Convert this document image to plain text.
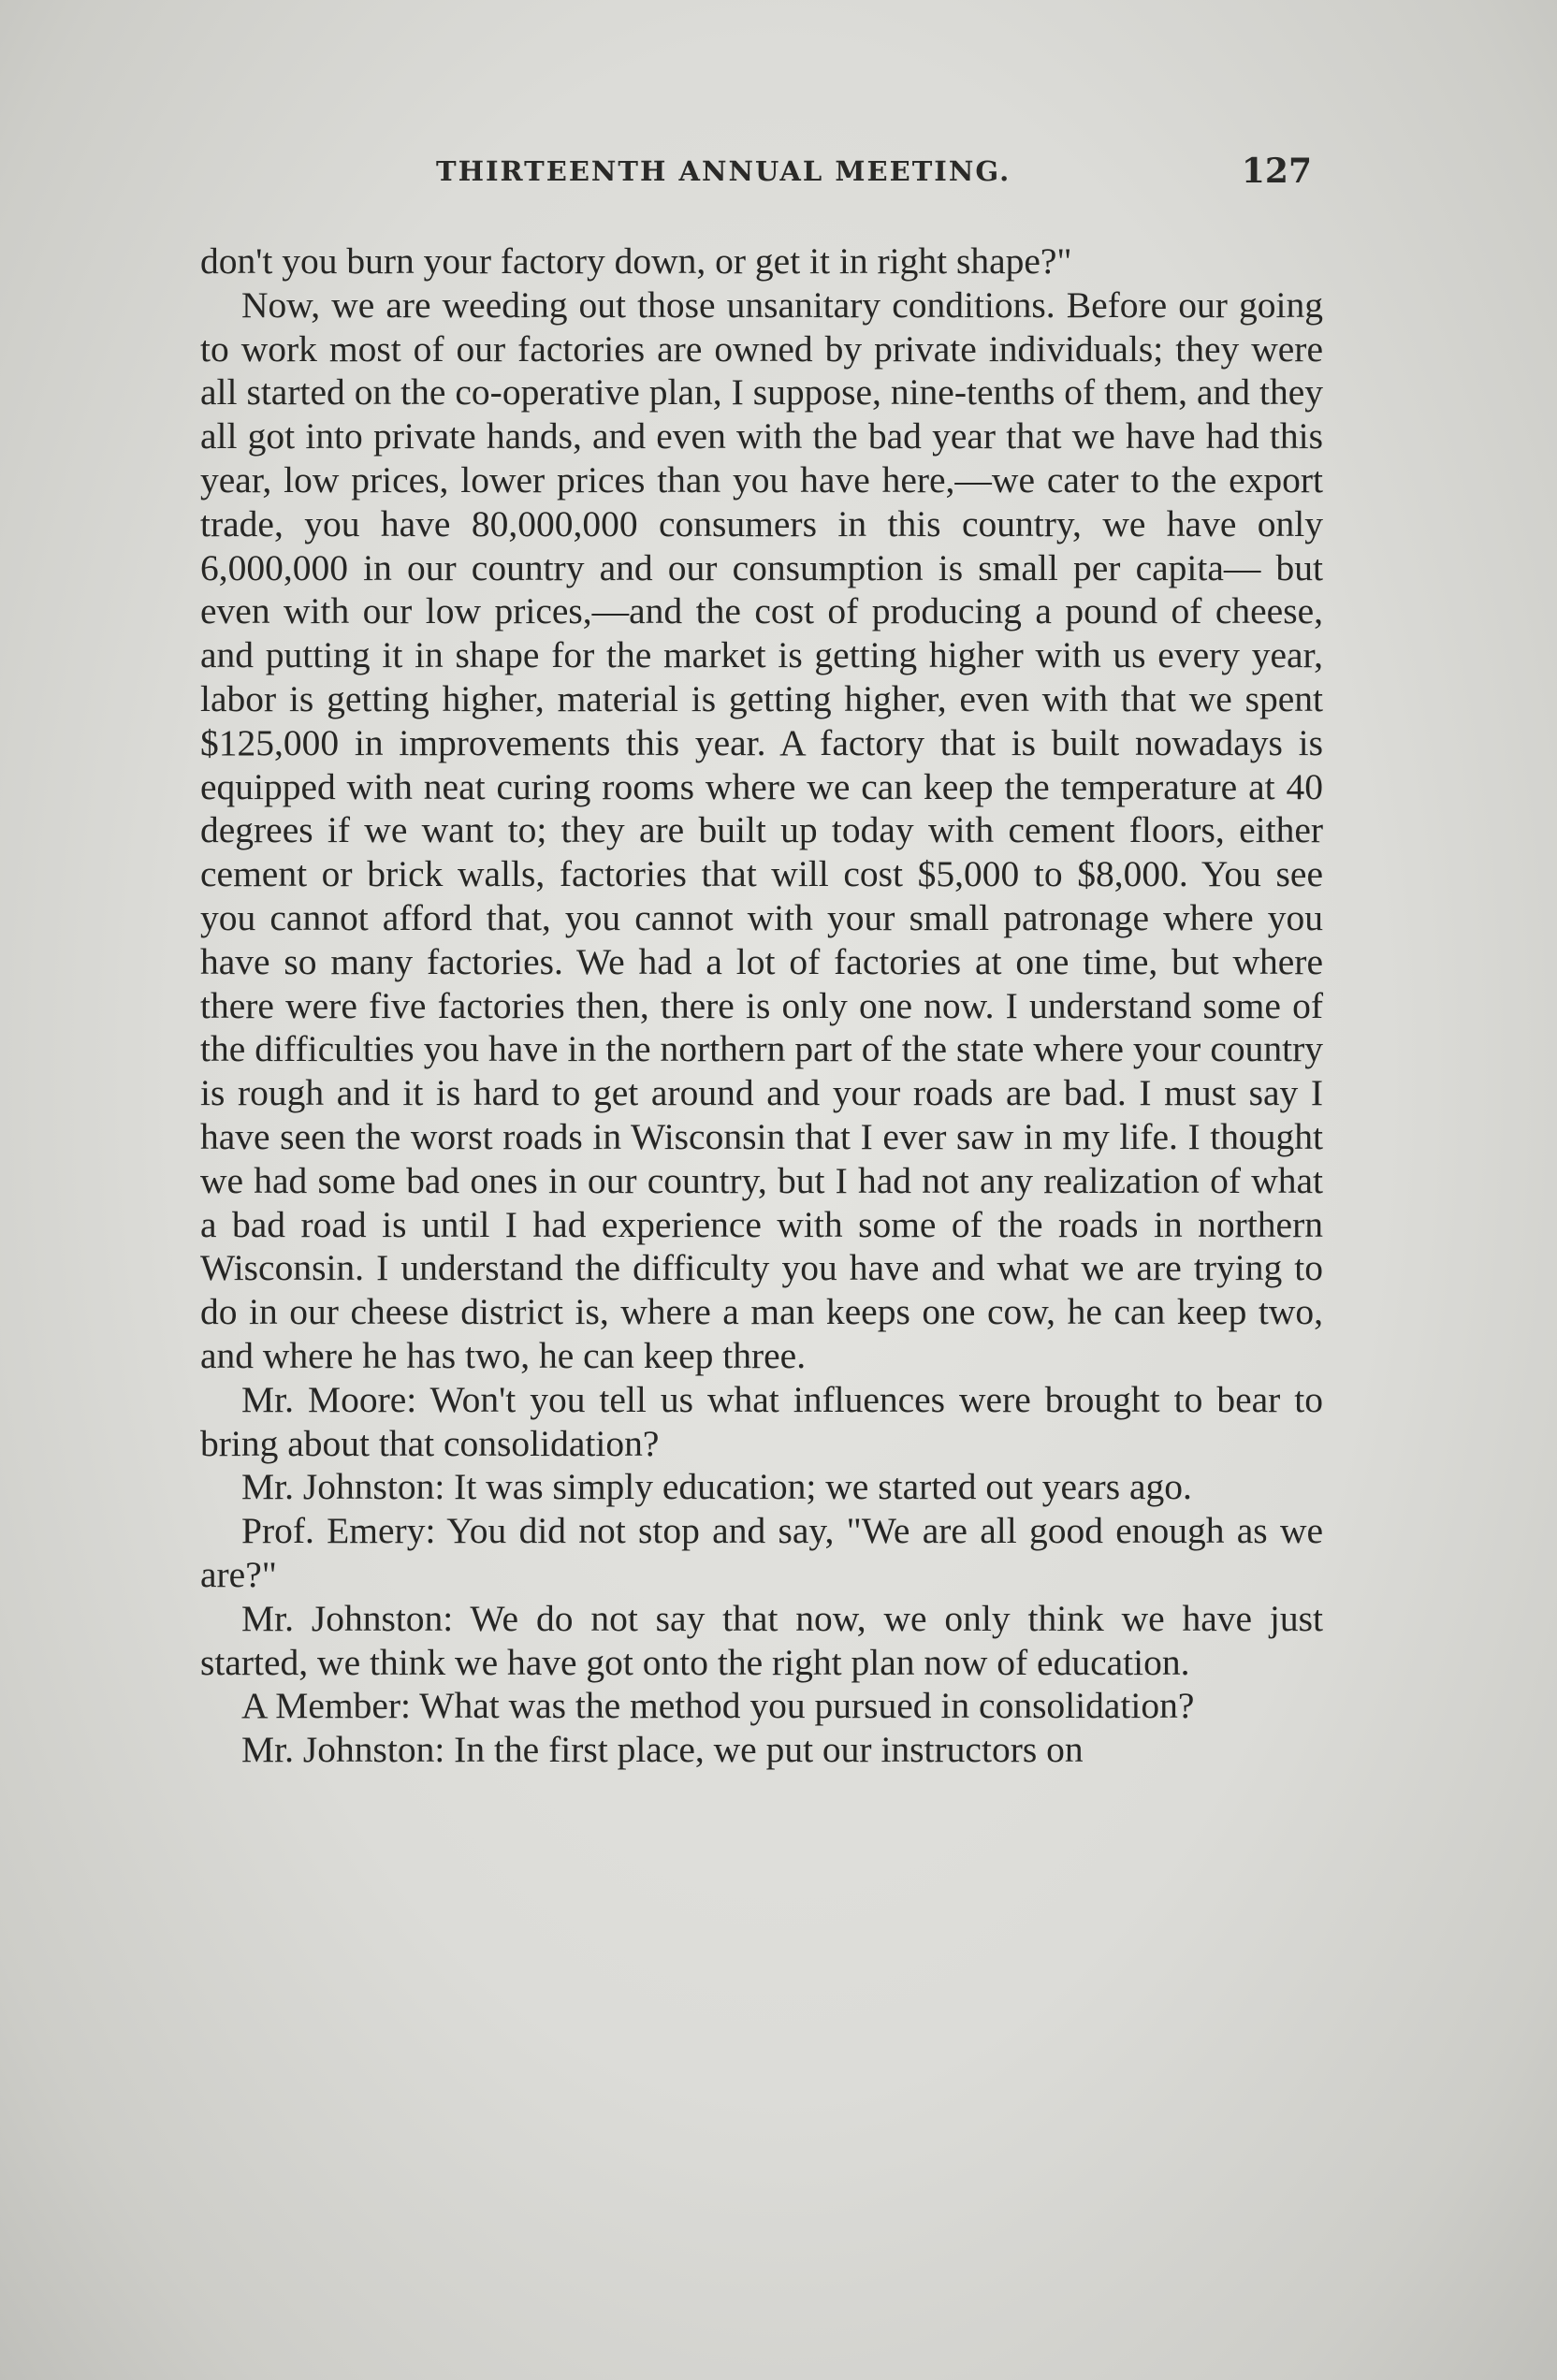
THIRTEENTH ANNUAL MEETING.	127

don't you burn your factory down, or get it in right shape?"

Now, we are weeding out those unsanitary conditions. Before our going to work most of our factories are owned by private individuals; they were all started on the co-operative plan, I suppose, nine-tenths of them, and they all got into private hands, and even with the bad year that we have had this year, low prices, lower prices than you have here,—we cater to the export trade, you have 80,000,000 consumers in this country, we have only 6,000,000 in our country and our consumption is small per capita— but even with our low prices,—and the cost of producing a pound of cheese, and putting it in shape for the market is getting higher with us every year, labor is getting higher, material is getting higher, even with that we spent $125,000 in improvements this year. A factory that is built nowadays is equipped with neat curing rooms where we can keep the temperature at 40 degrees if we want to; they are built up today with cement floors, either cement or brick walls, factories that will cost $5,000 to $8,000. You see you cannot afford that, you cannot with your small patronage where you have so many factories. We had a lot of factories at one time, but where there were five factories then, there is only one now. I understand some of the difficulties you have in the northern part of the state where your country is rough and it is hard to get around and your roads are bad. I must say I have seen the worst roads in Wisconsin that I ever saw in my life. I thought we had some bad ones in our country, but I had not any realization of what a bad road is until I had experience with some of the roads in northern Wisconsin. I understand the difficulty you have and what we are trying to do in our cheese district is, where a man keeps one cow, he can keep two, and where he has two, he can keep three.

Mr. Moore: Won't you tell us what influences were brought to bear to bring about that consolidation?

Mr. Johnston: It was simply education; we started out years ago.

Prof. Emery: You did not stop and say, "We are all good enough as we are?"

Mr. Johnston: We do not say that now, we only think we have just started, we think we have got onto the right plan now of education.

A Member: What was the method you pursued in consolidation?

Mr. Johnston: In the first place, we put our instructors on
